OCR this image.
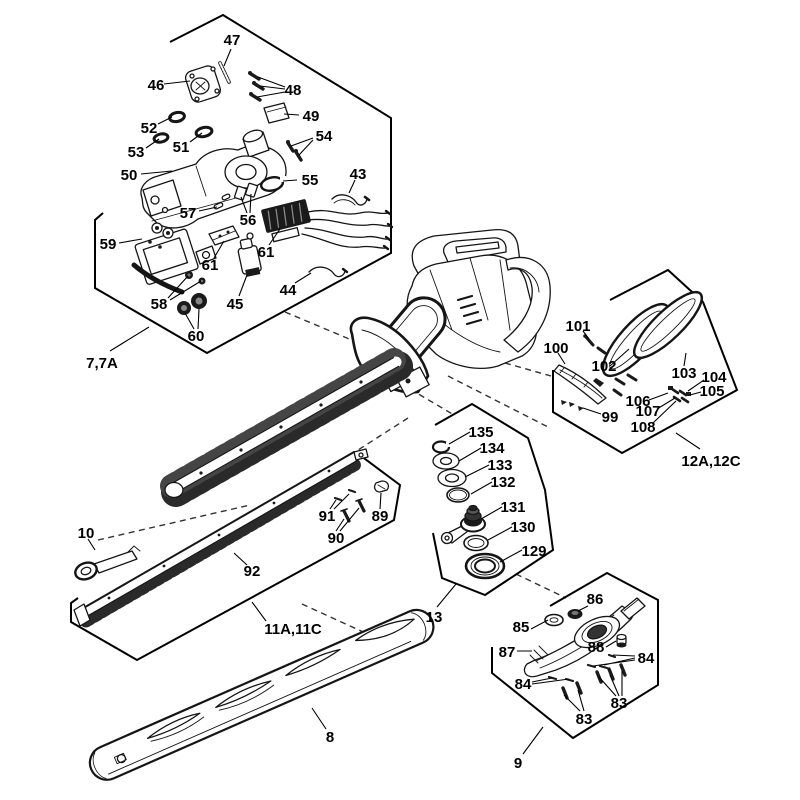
47
46	48
49
52
53 51
50
54
55 43
57	56
59
61
61
58	45
60
44
7,7A
101
100
102	103 104
105
106
107
108
99
12A,12C
135
134
133
132
131
130
129
13
10
91
90
89
92
11A,11C
86
85
87	88
84
84
83
83
9
8
